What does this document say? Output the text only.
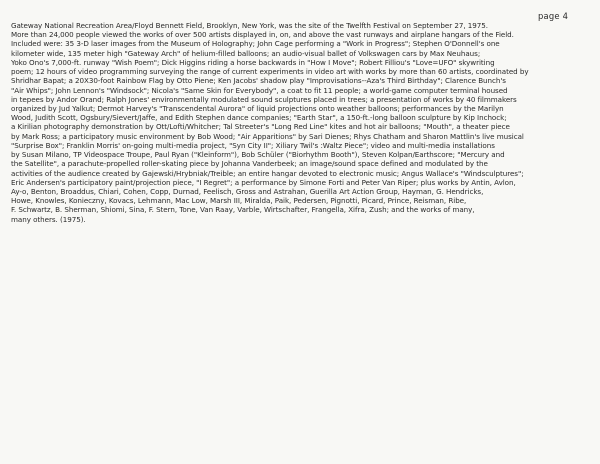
page 4
Gateway National Recreation Area/Floyd Bennett Field, Brooklyn, New York, was the site of the Twelfth Festival on September 27, 1975.
More than 24,000 people viewed the works of over 500 artists displayed in, on, and above the vast runways and airplane hangars of the Field.
Included were: 35 3-D laser images from the Museum of Holography; John Cage performing a "Work in Progress"; Stephen O'Donnell's one
kilometer wide, 135 meter high "Gateway Arch" of helium-filled balloons; an audio-visual ballet of Volkswagen cars by Max Neuhaus;
Yoko Ono's 7,000-ft. runway "Wish Poem"; Dick Higgins riding a horse backwards in "How I Move"; Robert Filliou's "Love=UFO" skywriting
poem; 12 hours of video programming surveying the range of current experiments in video art with works by more than 60 artists, coordinated by
Shridhar Bapat; a 20X30-foot Rainbow Flag by Otto Piene; Ken Jacobs' shadow play "Improvisations--Aza's Third Birthday"; Clarence Bunch's
"Air Whips"; John Lennon's "Windsock"; Nicola's "Same Skin for Everybody", a coat to fit 11 people; a world-game computer terminal housed
in tepees by Andor Orand; Ralph Jones' environmentally modulated sound sculptures placed in trees; a presentation of works by 40 filmmakers
organized by Jud Yalkut; Dermot Harvey's "Transcendental Aurora" of liquid projections onto weather balloons; performances by the Marilyn
Wood, Judith Scott, Ogsbury/Sievert/Jaffe, and Edith Stephen dance companies; "Earth Star", a 150-ft.-long balloon sculpture by Kip Inchock;
a Kirilian photography demonstration by Ott/Lofti/Whitcher; Tal Streeter's "Long Red Line" kites and hot air balloons; "Mouth", a theater piece
by Mark Ross; a participatory music environment by Bob Wood; "Air Apparitions" by Sari Dienes; Rhys Chatham and Sharon Mattlin's live musical
"Surprise Box"; Franklin Morris' on-going multi-media project, "Syn City II"; Xiliary Twil's :Waltz Piece"; video and multi-media installations
by Susan Milano, TP Videospace Troupe, Paul Ryan ("Kleinform"), Bob Schüler ("Biorhythm Booth"), Steven Kolpan/Earthscore; "Mercury and
the Satellite", a parachute-propelled roller-skating piece by Johanna Vanderbeek; an image/sound space defined and modulated by the
activities of the audience created by Gajewski/Hrybniak/Treible; an entire hangar devoted to electronic music; Angus Wallace's "Windsculptures";
Eric Andersen's participatory paint/projection piece, "I Regret"; a performance by Simone Forti and Peter Van Riper; plus works by Antin, Avlon,
Ay-o, Benton, Broaddus, Chiari, Cohen, Copp, Durnad, Feelisch, Gross and Astrahan, Guerilla Art Action Group, Hayman, G. Hendricks,
Howe, Knowles, Konieczny, Kovacs, Lehmann, Mac Low, Marsh III, Miralda, Paik, Pedersen, Pignotti, Picard, Prince, Reisman, Ribe,
F. Schwartz, B. Sherman, Shiomi, Sina, F. Stern, Tone, Van Raay, Varble, Wirtschafter, Frangella, Xifra, Zush; and the works of many,
many others. (1975).
